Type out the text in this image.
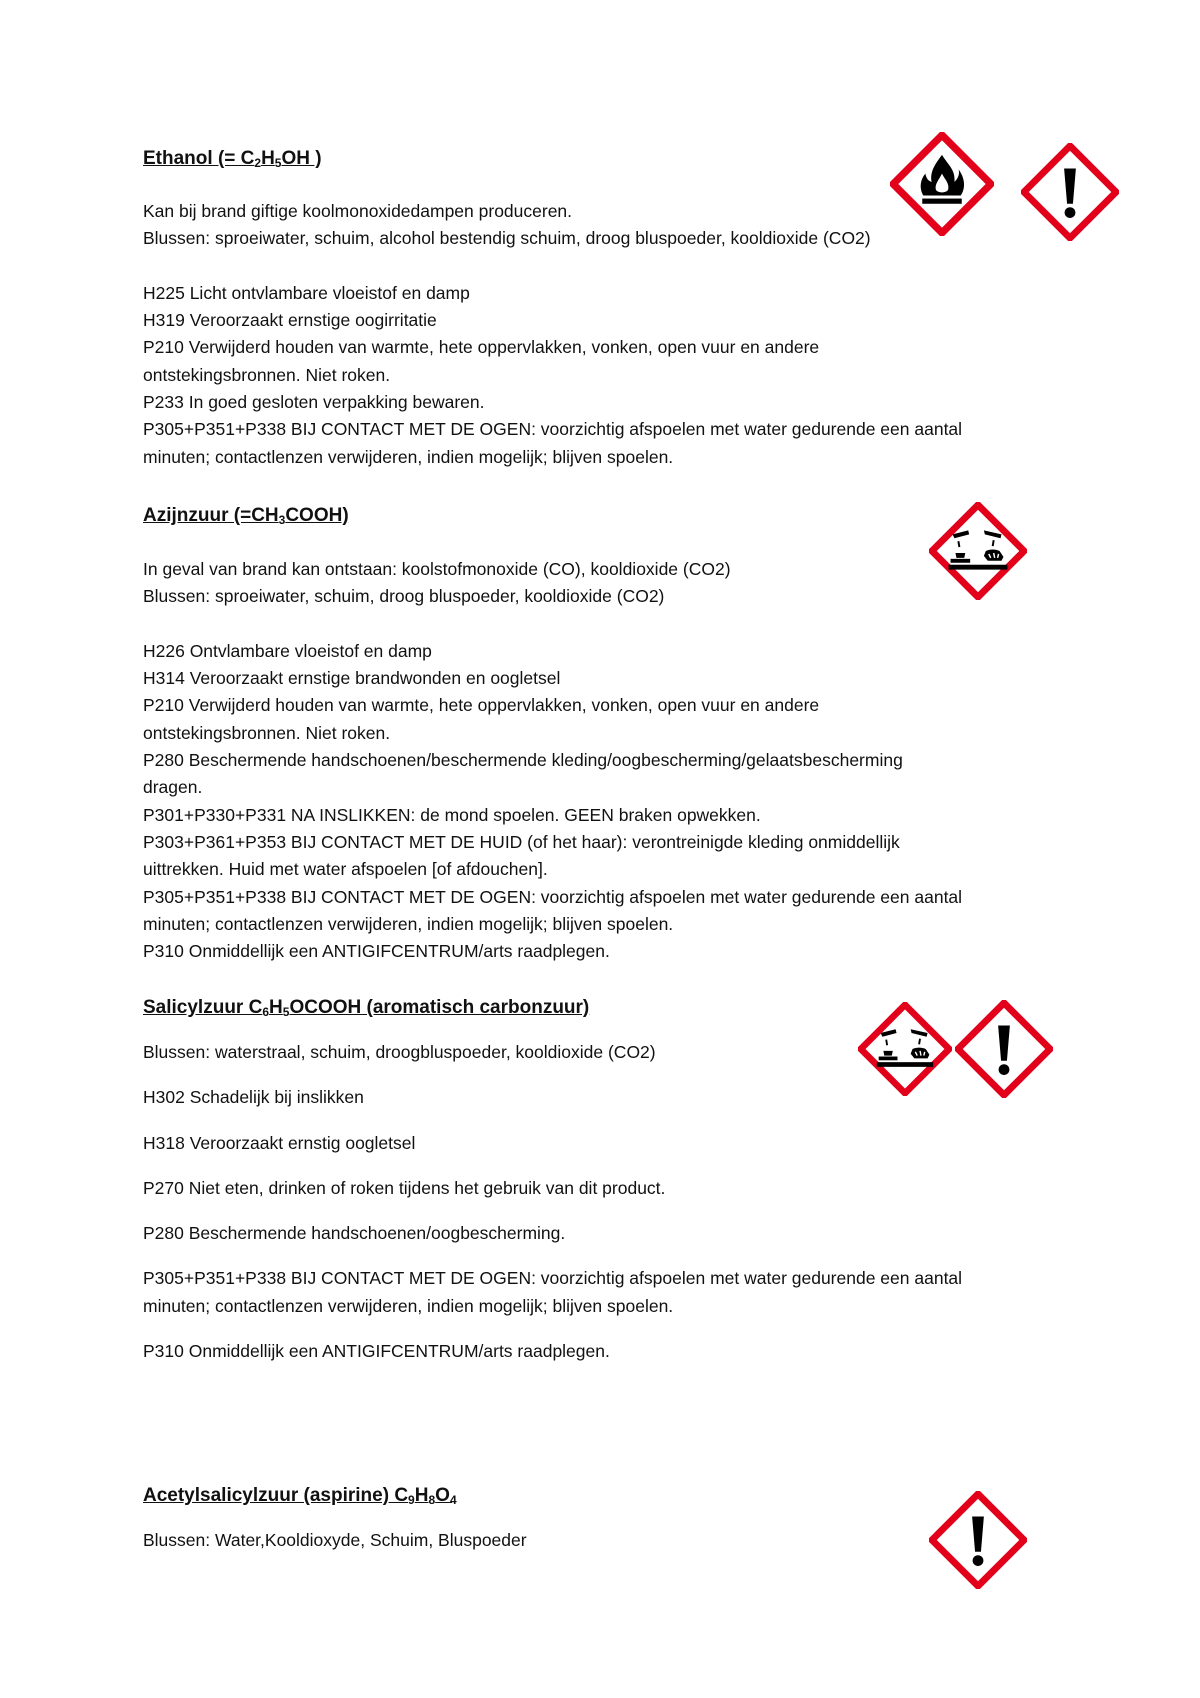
Ethanol (= $C_2H_5OH$ )

Kan bij brand giftige koolmonoxidedampen produceren.

Blussen: sproeiwater, schuim, alcohol bestendig schuim, droog bluspoeder, kooldioxide (CO2)

H225 Licht ontvlambare vloeistof en damp

H319 Veroorzaakt ernstige oogirritatie

P210 Verwijderd houden van warmte, hete oppervlakken, vonken, open vuur en andere

ontstekingsbronnen. Niet roken.

P233 In goed gesloten verpakking bewaren.

P305+P351+P338 BIJ CONTACT MET DE OGEN: voorzichtig afspoelen met water gedurende een aantal

minuten; contactlenzen verwijderen, indien mogelijk; blijven spoelen.

Azijnzuur $(=CH_3COOH)$

In geval van brand kan ontstaan: koolstofmonoxide (CO), kooldioxide (CO2)

Blussen: sproeiwater, schuim, droog bluspoeder, kooldioxide (CO2)

H226 Ontvlambare vloeistof en damp

H314 Veroorzaakt ernstige brandwonden en oogletsel

P210 Verwijderd houden van warmte, hete oppervlakken, vonken, open vuur en andere

ontstekingsbronnen. Niet roken.

P280 Beschermende handschoenen/beschermende kleding/oogbescherming/gelaatsbescherming

dragen.

P301+P330+P331 NA INSLIKKEN: de mond spoelen. GEEN braken opwekken.

P303+P361+P353 BIJ CONTACT MET DE HUID (of het haar): verontreinigde kleding onmiddellijk

uittrekken. Huid met water afspoelen [of afdouchen].

P305+P351+P338 BIJ CONTACT MET DE OGEN: voorzichtig afspoelen met water gedurende een aantal

minuten; contactlenzen verwijderen, indien mogelijk; blijven spoelen.

P310 Onmiddellijk een ANTIGIFCENTRUM/arts raadplegen.

Salicylzuur $C_6H_5OCOOH$ (aromatisch carbonzuur)

Blussen: waterstraal, schuim, droogbluspoeder, kooldioxide (CO2)

H302 Schadelijk bij inslikken

H318 Veroorzaakt ernstig oogletsel

P270 Niet eten, drinken of roken tijdens het gebruik van dit product.

P280 Beschermende handschoenen/oogbescherming.

P305+P351+P338 BIJ CONTACT MET DE OGEN: voorzichtig afspoelen met water gedurende een aantal
minuten; contactlenzen verwijderen, indien mogelijk; blijven spoelen.

P310 Onmiddellijk een ANTIGIFCENTRUM/arts raadplegen.

Acetylsalicylzuur (aspirine) $C_9H_8O_4$

Blussen: Water,Kooldioxyde, Schuim, Bluspoeder
